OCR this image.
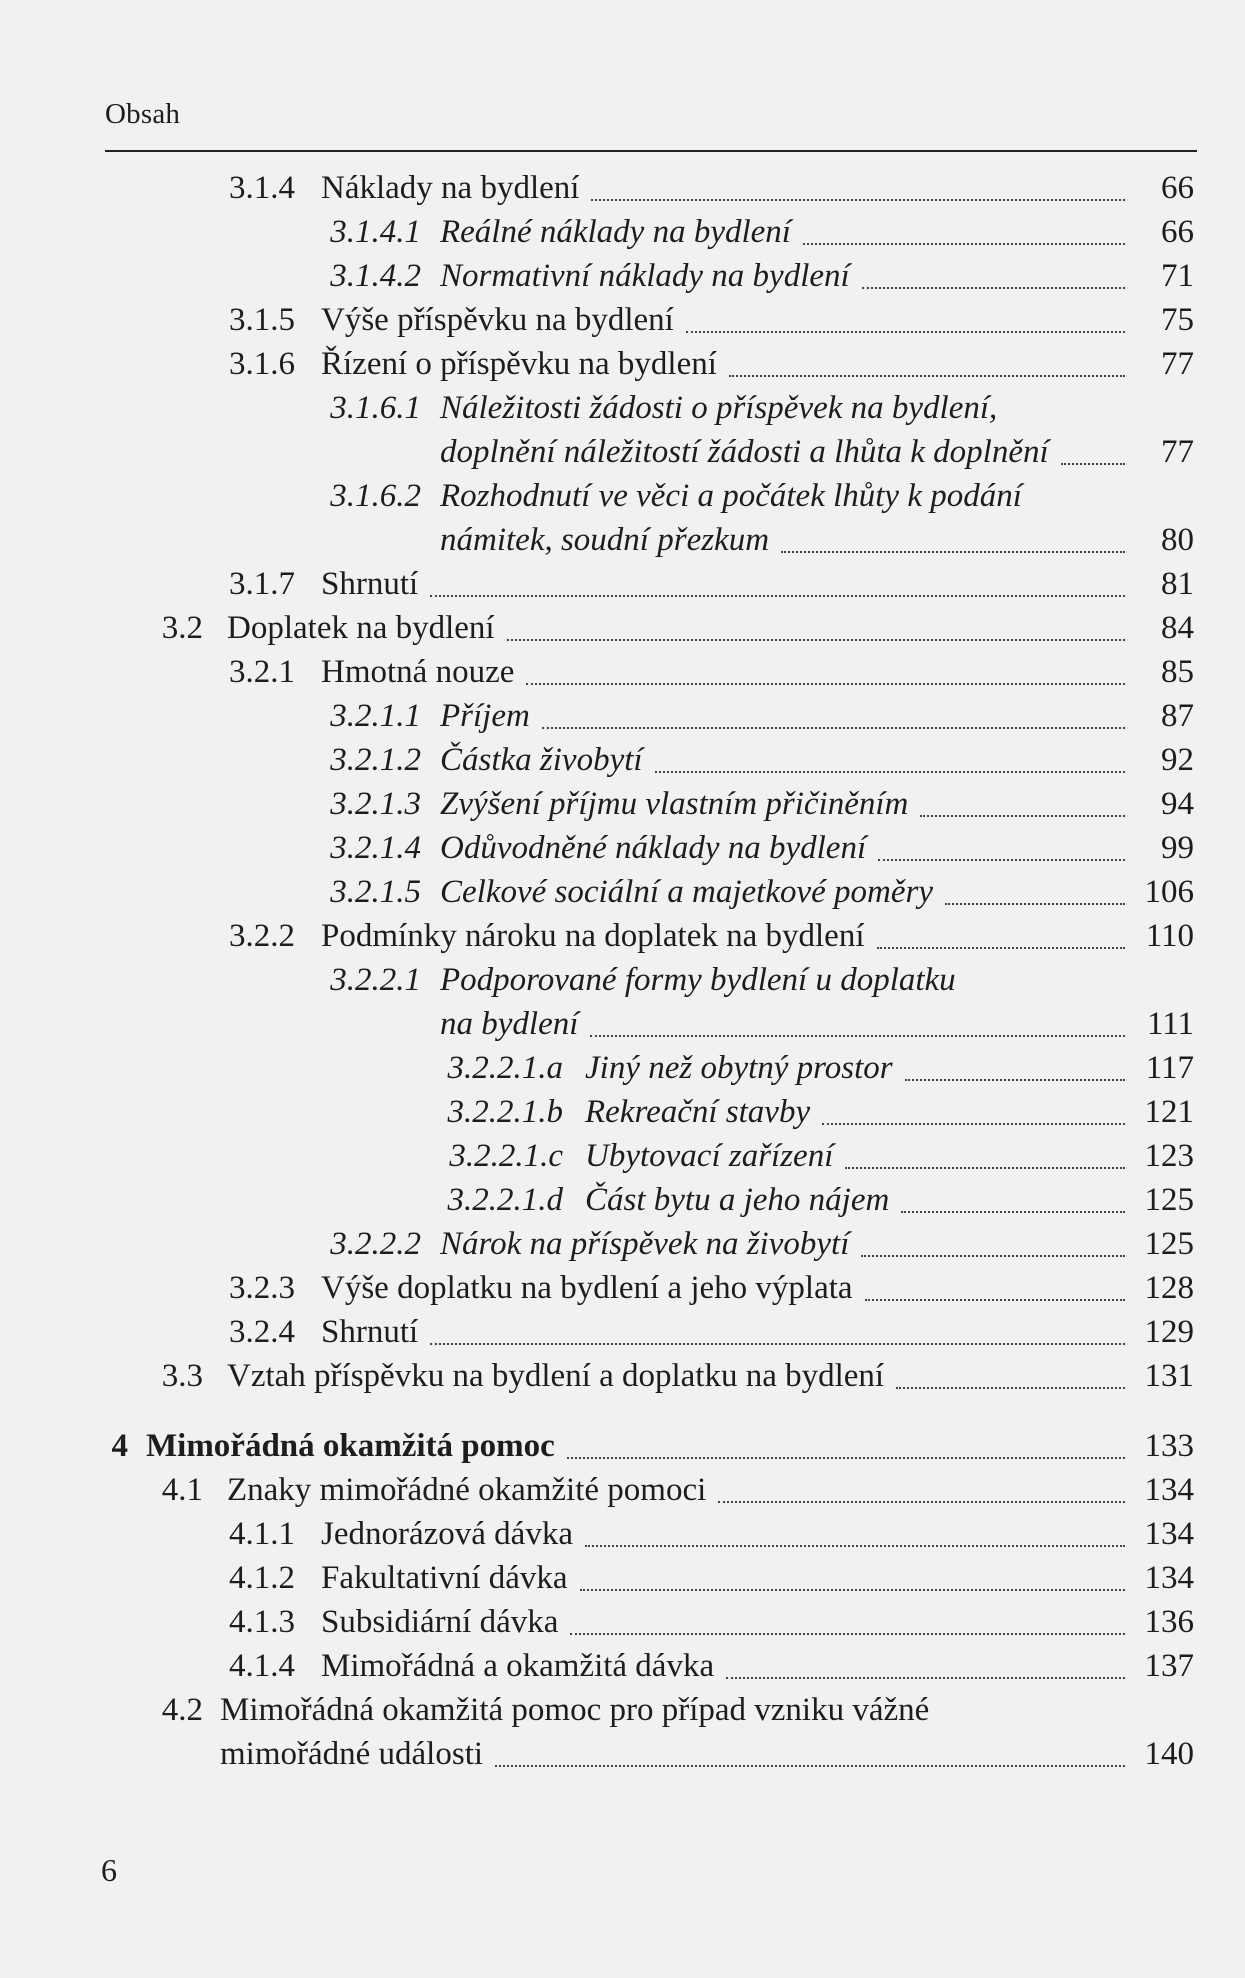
Obsah
3.1.4 Náklady na bydlení	66
3.1.4.1 Reálné náklady na bydlení	66
3.1.4.2 Normativní náklady na bydlení	71
3.1.5 Výše příspěvku na bydlení	75
3.1.6 Řízení o příspěvku na bydlení	77
3.1.6.1 Náležitosti žádosti o příspěvek na bydlení,
doplnění náležitostí žádosti a lhůta k doplnění	77
3.1.6.2 Rozhodnutí ve věci a počátek lhůty k podání
námitek, soudní přezkum	80
3.1.7 Shrnutí	81
3.2 Doplatek na bydlení	84
3.2.1 Hmotná nouze	85
3.2.1.1 Příjem	87
3.2.1.2 Částka živobytí	92
3.2.1.3 Zvýšení příjmu vlastním přičiněním	94
3.2.1.4 Odůvodněné náklady na bydlení	99
3.2.1.5 Celkové sociální a majetkové poměry	106
3.2.2 Podmínky nároku na doplatek na bydlení	110
3.2.2.1 Podporované formy bydlení u doplatku
na bydlení	111
3.2.2.1.a Jiný než obytný prostor	117
3.2.2.1.b Rekreační stavby	121
3.2.2.1.c Ubytovací zařízení	123
3.2.2.1.d Část bytu a jeho nájem	125
3.2.2.2 Nárok na příspěvek na živobytí	125
3.2.3 Výše doplatku na bydlení a jeho výplata	128
3.2.4 Shrnutí	129
3.3 Vztah příspěvku na bydlení a doplatku na bydlení	131
4 Mimořádná okamžitá pomoc	133
4.1 Znaky mimořádné okamžité pomoci	134
4.1.1 Jednorázová dávka	134
4.1.2 Fakultativní dávka	134
4.1.3 Subsidiární dávka	136
4.1.4 Mimořádná a okamžitá dávka	137
4.2 Mimořádná okamžitá pomoc pro případ vzniku vážné
mimořádné události	140
6
